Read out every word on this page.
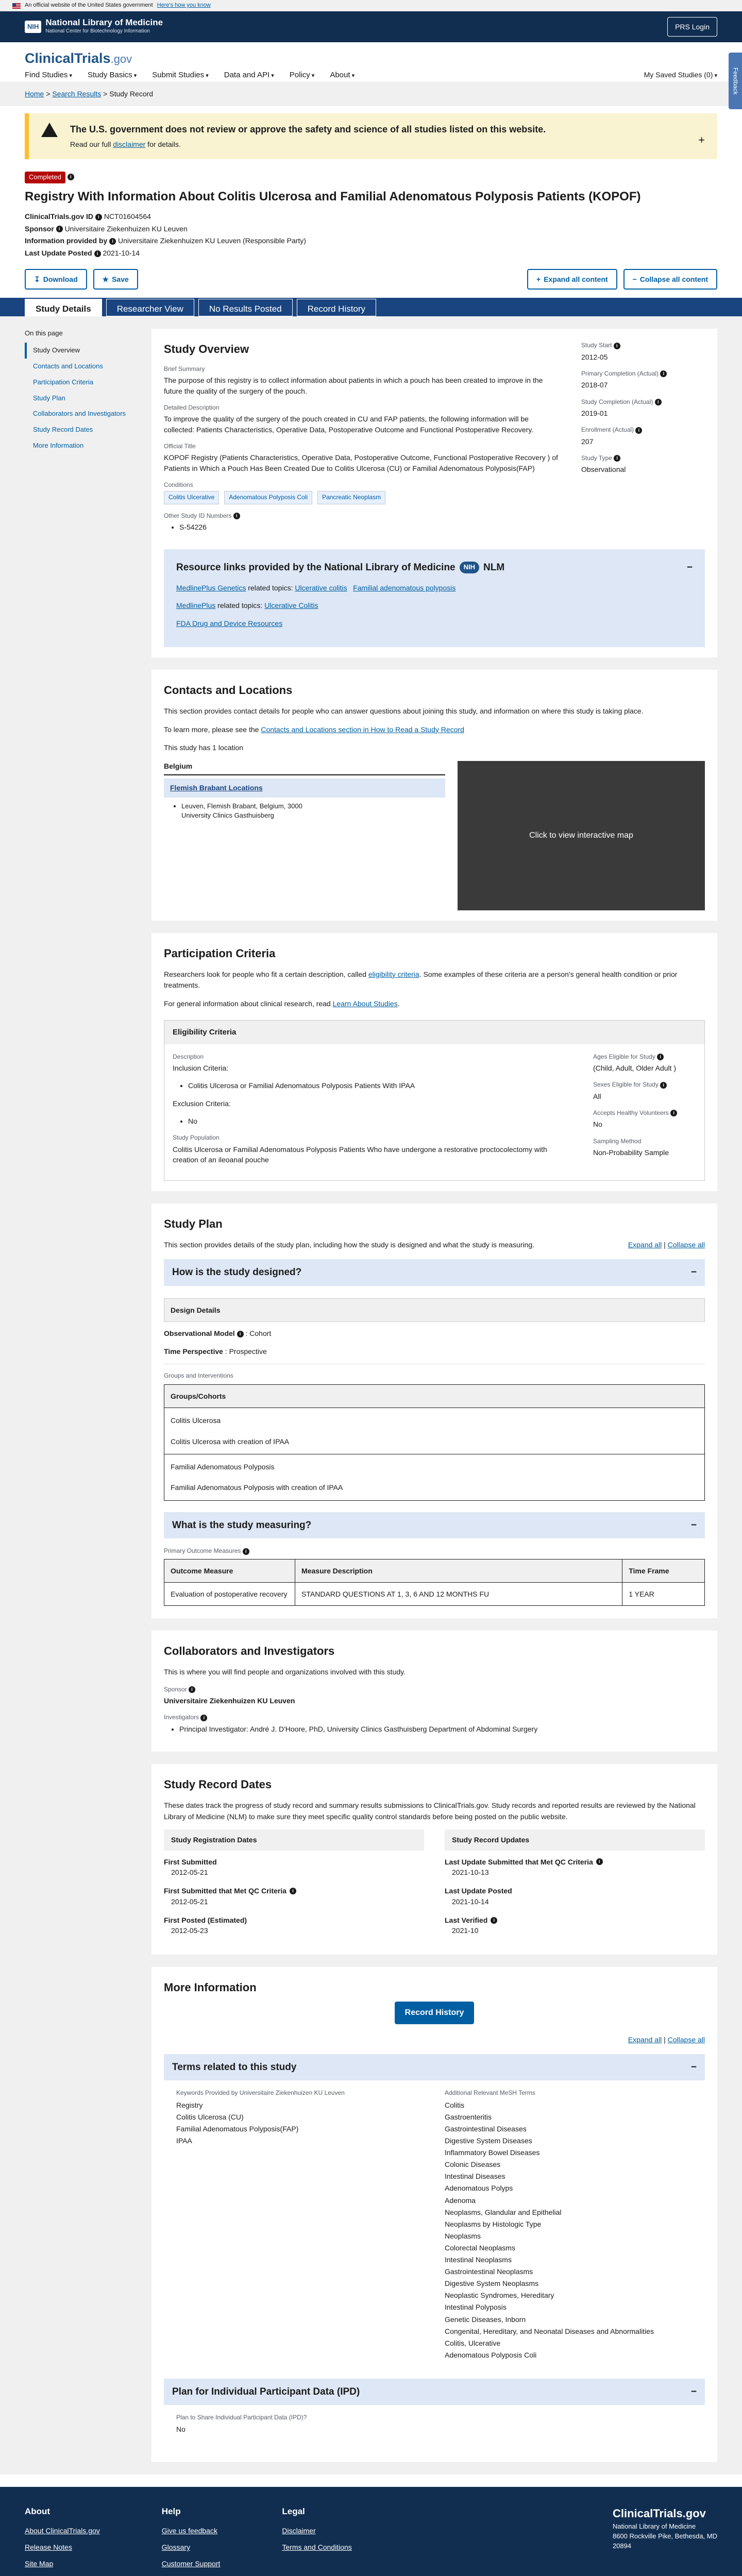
An official website of the United States government Here's how you know
NIH National Library of Medicine
National Center for Biotechnology Information
PRS Login
ClinicalTrials.gov
Find Studies ▾	Study Basics ▾	Submit Studies ▾	Data and API ▾	Policy ▾	About ▾	My Saved Studies (0) ▾	Feedback
Home > Search Results > Study Record
The U.S. government does not review or approve the safety and science of all studies listed on this website.

Read our full disclaimer for details.	+
Completed i
Registry With Information About Colitis Ulcerosa and Familial Adenomatous Polyposis Patients (KOPOF)
ClinicalTrials.gov ID i NCT01604564
Sponsor i Universitaire Ziekenhuizen KU Leuven
Information provided by i Universitaire Ziekenhuizen KU Leuven (Responsible Party)
Last Update Posted i 2021-10-14
↧ Download
	★ Save	+ Expand all content
	− Collapse all content
Study Details	Researcher View	No Results Posted	Record History
On this page
Study Overview
Contacts and Locations
Participation Criteria
Study Plan
Collaborators and Investigators
Study Record Dates
More Information
Study Overview
Brief Summary

The purpose of this registry is to collect information about patients in which a pouch has been created to improve in the future the quality of the surgery of the pouch.

Detailed Description

To improve the quality of the surgery of the pouch created in CU and FAP patients, the following information will be collected: Patients Characteristics, Operative Data, Postoperative Outcome and Functional Postoperative Recovery.

Official Title

KOPOF Registry (Patients Characteristics, Operative Data, Postoperative Outcome, Functional Postoperative Recovery ) of Patients in Which a Pouch Has Been Created Due to Colitis Ulcerosa (CU) or Familial Adenomatous Polyposis(FAP)

Conditions
Colitis Ulcerative	Adenomatous Polyposis Coli	Pancreatic Neoplasm
Other Study ID Numbers i
• S-54226
Study Start i
2012-05
Primary Completion (Actual) i
2018-07
Study Completion (Actual) i
2019-01
Enrollment (Actual) i
207
Study Type i
Observational
Resource links provided by the National Library of Medicine	NIH NLM	−

MedlinePlus Genetics related topics: Ulcerative colitis Familial adenomatous polyposis

MedlinePlus related topics: Ulcerative Colitis

FDA Drug and Device Resources

Contacts and Locations

This section provides contact details for people who can answer questions about joining this study, and information on where this study is taking place.

To learn more, please see the Contacts and Locations section in How to Read a Study Record

This study has 1 location

Belgium
Flemish Brabant Locations
• Leuven, Flemish Brabant, Belgium, 3000
University Clinics Gasthuisberg
Click to view interactive map
Participation Criteria

Researchers look for people who fit a certain description, called eligibility criteria. Some examples of these criteria are a person's general health condition or prior treatments.

For general information about clinical research, read Learn About Studies.

Eligibility Criteria
Description

Inclusion Criteria:

• Colitis Ulcerosa or Familial Adenomatous Polyposis Patients With IPAA

Exclusion Criteria:

• No
Study Population

Colitis Ulcerosa or Familial Adenomatous Polyposis Patients Who have undergone a restorative proctocolectomy with creation of an ileoanal pouche

Ages Eligible for Study i
(Child, Adult, Older Adult )
Sexes Eligible for Study i
All
Accepts Healthy Volunteers i
No
Sampling Method
Non-Probability Sample
Study Plan

This section provides details of the study plan, including how the study is designed and what the study is measuring.	Expand all | Collapse all
How is the study designed?	−
Design Details

Observational Model i : Cohort

Time Perspective : Prospective

Groups and Interventions
Groups/Cohorts
Colitis Ulcerosa
Colitis Ulcerosa with creation of IPAA
Familial Adenomatous Polyposis
Familial Adenomatous Polyposis with creation of IPAA
What is the study measuring?	−
Primary Outcome Measures i
Outcome Measure	Measure Description	Time Frame
Evaluation of postoperative recovery	STANDARD QUESTIONS AT 1, 3, 6 AND 12 MONTHS FU	1 YEAR
Collaborators and Investigators

This is where you will find people and organizations involved with this study.

Sponsor i

Universitaire Ziekenhuizen KU Leuven

Investigators i
• Principal Investigator: André J. D'Hoore, PhD, University Clinics Gasthuisberg Department of Abdominal Surgery
Study Record Dates

These dates track the progress of study record and summary results submissions to ClinicalTrials.gov. Study records and reported results are reviewed by the National Library of Medicine (NLM) to make sure they meet specific quality control standards before being posted on the public website.

Study Registration Dates
First Submitted
2012-05-21
First Submitted that Met QC Criteria	i
2012-05-21
First Posted (Estimated)
2012-05-23
Study Record Updates
Last Update Submitted that Met QC Criteria	i
2021-10-13
Last Update Posted
2021-10-14
Last Verified	i
2021-10
More Information
Record History
Expand all | Collapse all
Terms related to this study	−
Keywords Provided by Universitaire Ziekenhuizen KU Leuven
Registry
Colitis Ulcerosa (CU)
Familial Adenomatous Polyposis(FAP)
IPAA
Additional Relevant MeSH Terms
Colitis
Gastroenteritis
Gastrointestinal Diseases
Digestive System Diseases
Inflammatory Bowel Diseases
Colonic Diseases
Intestinal Diseases
Adenomatous Polyps
Adenoma
Neoplasms, Glandular and Epithelial
Neoplasms by Histologic Type
Neoplasms
Colorectal Neoplasms
Intestinal Neoplasms
Gastrointestinal Neoplasms
Digestive System Neoplasms
Neoplastic Syndromes, Hereditary
Intestinal Polyposis
Genetic Diseases, Inborn
Congenital, Hereditary, and Neonatal Diseases and Abnormalities
Colitis, Ulcerative
Adenomatous Polyposis Coli
Plan for Individual Participant Data (IPD)	−
Plan to Share Individual Participant Data (IPD)?
No
About
About ClinicalTrials.gov
Release Notes
Site Map
Help
Give us feedback
Glossary
Customer Support
Legal
Disclaimer
Terms and Conditions
ClinicalTrials.gov
National Library of Medicine
8600 Rockville Pike, Bethesda, MD
20894
